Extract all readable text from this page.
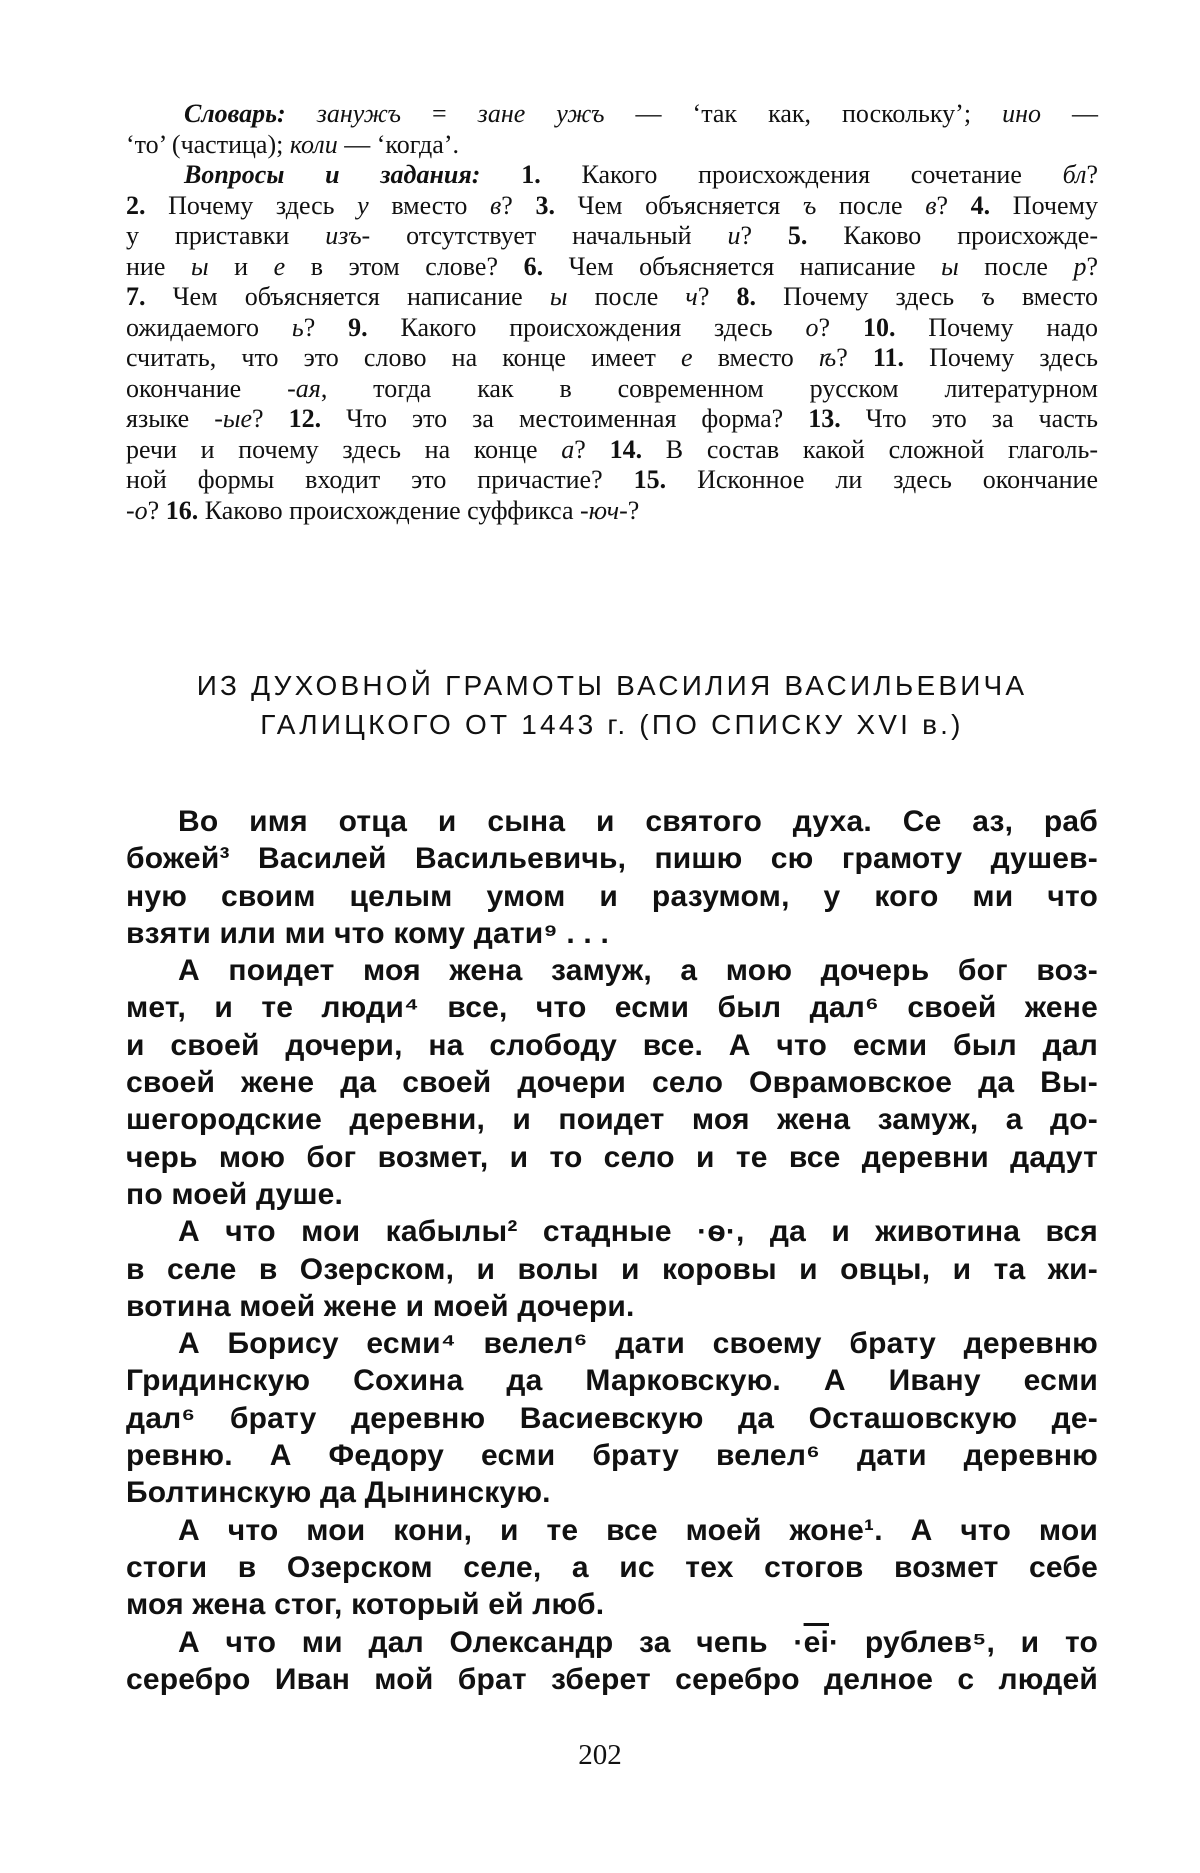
Словарь: занужъ = зане ужъ — ‘так как, поскольку’; ино —
‘то’ (частица); коли — ‘когда’.
Вопросы и задания: 1. Какого происхождения сочетание бл?
2. Почему здесь у вместо в? 3. Чем объясняется ъ после в? 4. Почему
у приставки изъ- отсутствует начальный и? 5. Каково происхожде-
ние ы и е в этом слове? 6. Чем объясняется написание ы после р?
7. Чем объясняется написание ы после ч? 8. Почему здесь ъ вместо
ожидаемого ь? 9. Какого происхождения здесь о? 10. Почему надо
считать, что это слово на конце имеет е вместо ѣ? 11. Почему здесь
окончание -ая, тогда как в современном русском литературном
языке -ые? 12. Что это за местоименная форма? 13. Что это за часть
речи и почему здесь на конце а? 14. В состав какой сложной глаголь-
ной формы входит это причастие? 15. Исконное ли здесь окончание
-о? 16. Каково происхождение суффикса -юч-?
ИЗ ДУХОВНОЙ ГРАМОТЫ ВАСИЛИЯ ВАСИЛЬЕВИЧА
ГАЛИЦКОГО ОТ 1443 г. (ПО СПИСКУ XVI в.)
Во имя отца и сына и святого духа. Се аз, раб
божей³ Василей Васильевичь, пишю сю грамоту душев-
ную своим целым умом и разумом, у кого ми что
взяти или ми что кому дати⁹ . . .
А поидет моя жена замуж, а мою дочерь бог воз-
мет, и те люди⁴ все, что есми был дал⁶ своей жене
и своей дочери, на слободу все. А что есми был дал
своей жене да своей дочери село Оврамовское да Вы-
шегородские деревни, и поидет моя жена замуж, а до-
черь мою бог возмет, и то село и те все деревни дадут
по моей душе.
А что мои кабылы² стадные ·ѳ·, да и животина вся
в селе в Озерском, и волы и коровы и овцы, и та жи-
вотина моей жене и моей дочери.
А Борису есми⁴ велел⁶ дати своему брату деревню
Гридинскую Сохина да Марковскую. А Ивану есми
дал⁶ брату деревню Васиевскую да Осташовскую де-
ревню. А Федору есми брату велел⁶ дати деревню
Болтинскую да Дынинскую.
А что мои кони, и те все моей жоне¹. А что мои
стоги в Озерском селе, а ис тех стогов возмет себе
моя жена стог, который ей люб.
А что ми дал Олександр за чепь ·еі· рублев⁵, и то
серебро Иван мой брат зберет серебро делное с людей
202
